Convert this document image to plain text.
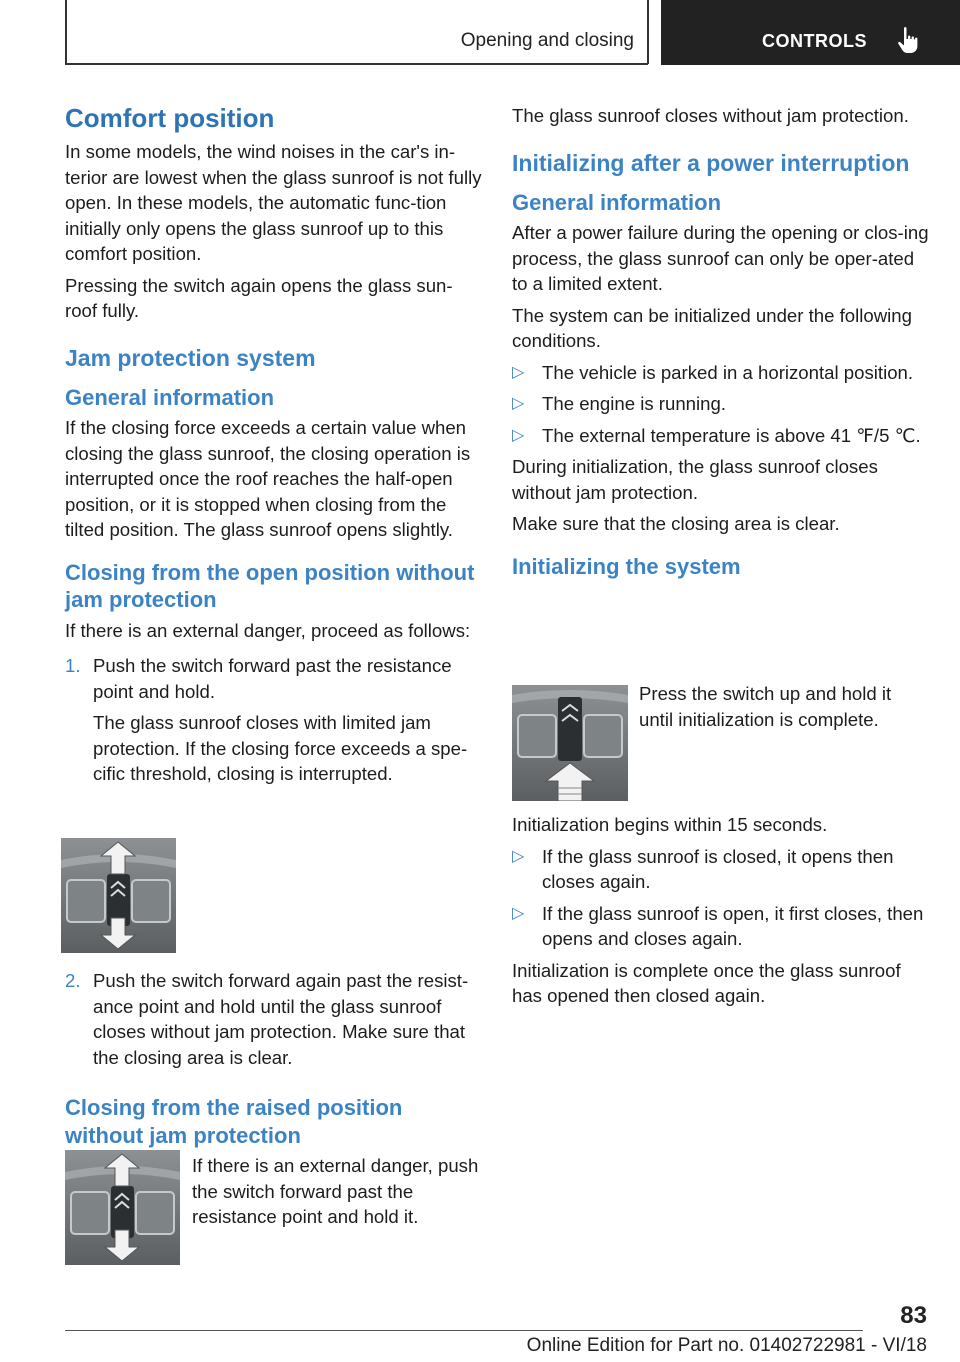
Opening and closing	CONTROLS
Comfort position

In some models, the wind noises in the car's in-terior are lowest when the glass sunroof is not fully open. In these models, the automatic func-tion initially only opens the glass sunroof up to this comfort position.

Pressing the switch again opens the glass sun-roof fully.

Jam protection system
General information

If the closing force exceeds a certain value when closing the glass sunroof, the closing operation is interrupted once the roof reaches the half-open position, or it is stopped when closing from the tilted position. The glass sunroof opens slightly.

Closing from the open position without jam protection

If there is an external danger, proceed as follows:

1. Push the switch forward past the resistance point and hold.
The glass sunroof closes with limited jam protection. If the closing force exceeds a spe-cific threshold, closing is interrupted.
2. Push the switch forward again past the resist-ance point and hold until the glass sunroof closes without jam protection. Make sure that the closing area is clear.
Closing from the raised position without jam protection
If there is an external danger, push the switch forward past the resistance point and hold it.

The glass sunroof closes without jam protection.

Initializing after a power interruption
General information

After a power failure during the opening or clos-ing process, the glass sunroof can only be oper-ated to a limited extent.

The system can be initialized under the following conditions.

▷ The vehicle is parked in a horizontal position.
▷ The engine is running.
▷ The external temperature is above 41 ℉/5 ℃.

During initialization, the glass sunroof closes without jam protection.

Make sure that the closing area is clear.

Initializing the system
Press the switch up and hold it until initialization is complete.

Initialization begins within 15 seconds.

▷ If the glass sunroof is closed, it opens then closes again.
▷ If the glass sunroof is open, it first closes, then opens and closes again.

Initialization is complete once the glass sunroof has opened then closed again.

83
Online Edition for Part no. 01402722981 - VI/18
